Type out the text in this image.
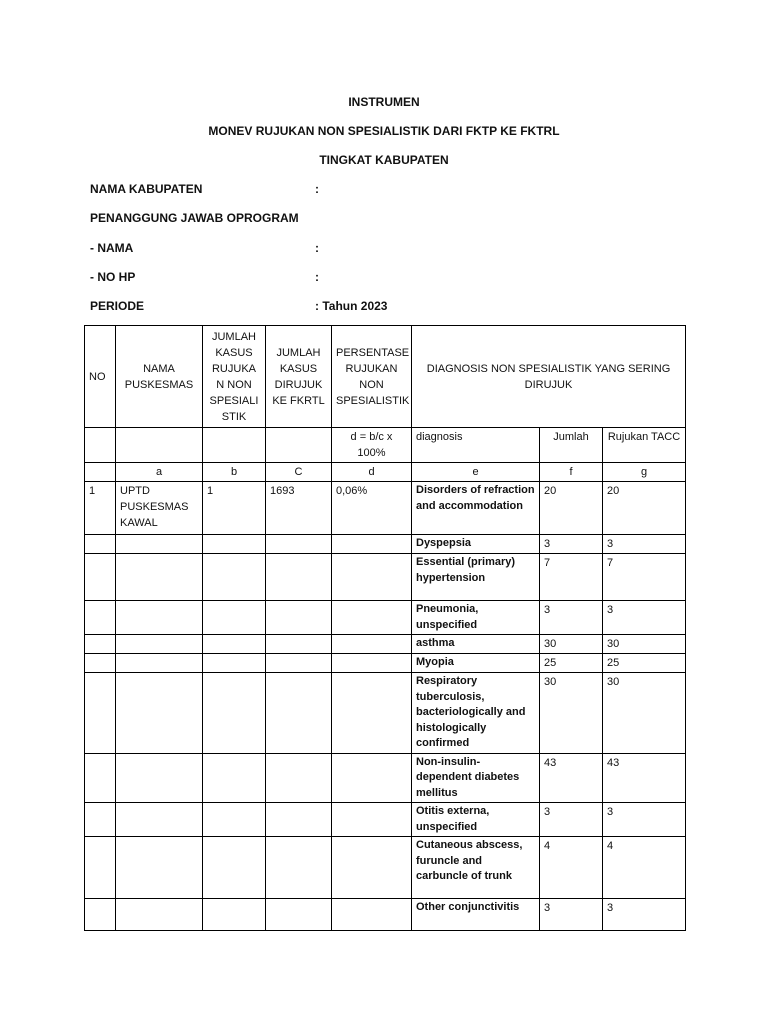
INSTRUMEN
MONEV RUJUKAN NON SPESIALISTIK DARI FKTP KE FKTRL
TINGKAT KABUPATEN
NAMA KABUPATEN	:
PENANGGUNG JAWAB OPROGRAM
- NAMA	:
- NO HP	:
PERIODE	: Tahun 2023
NO	NAMA PUSKESMAS	JUMLAH KASUS RUJUKA N NON SPESIALI STIK	JUMLAH KASUS DIRUJUK KE FKRTL	PERSENTASE RUJUKAN NON SPESIALISTIK	DIAGNOSIS NON SPESIALISTIK YANG SERING DIRUJUK		
				d = b/c x 100%	diagnosis	Jumlah	Rujukan TACC
	a	b	C	d	e	f	g
1	UPTD PUSKESMAS KAWAL	1	1693	0,06%	Disorders of refraction and accommodation	20	20
					Dyspepsia	3	3
					Essential (primary) hypertension	7	7
					Pneumonia, unspecified	3	3
					asthma	30	30
					Myopia	25	25
					Respiratory tuberculosis, bacteriologically and histologically confirmed	30	30
					Non-insulin-dependent diabetes mellitus	43	43
					Otitis externa, unspecified	3	3
					Cutaneous abscess, furuncle and carbuncle of trunk	4	4
					Other conjunctivitis	3	3
